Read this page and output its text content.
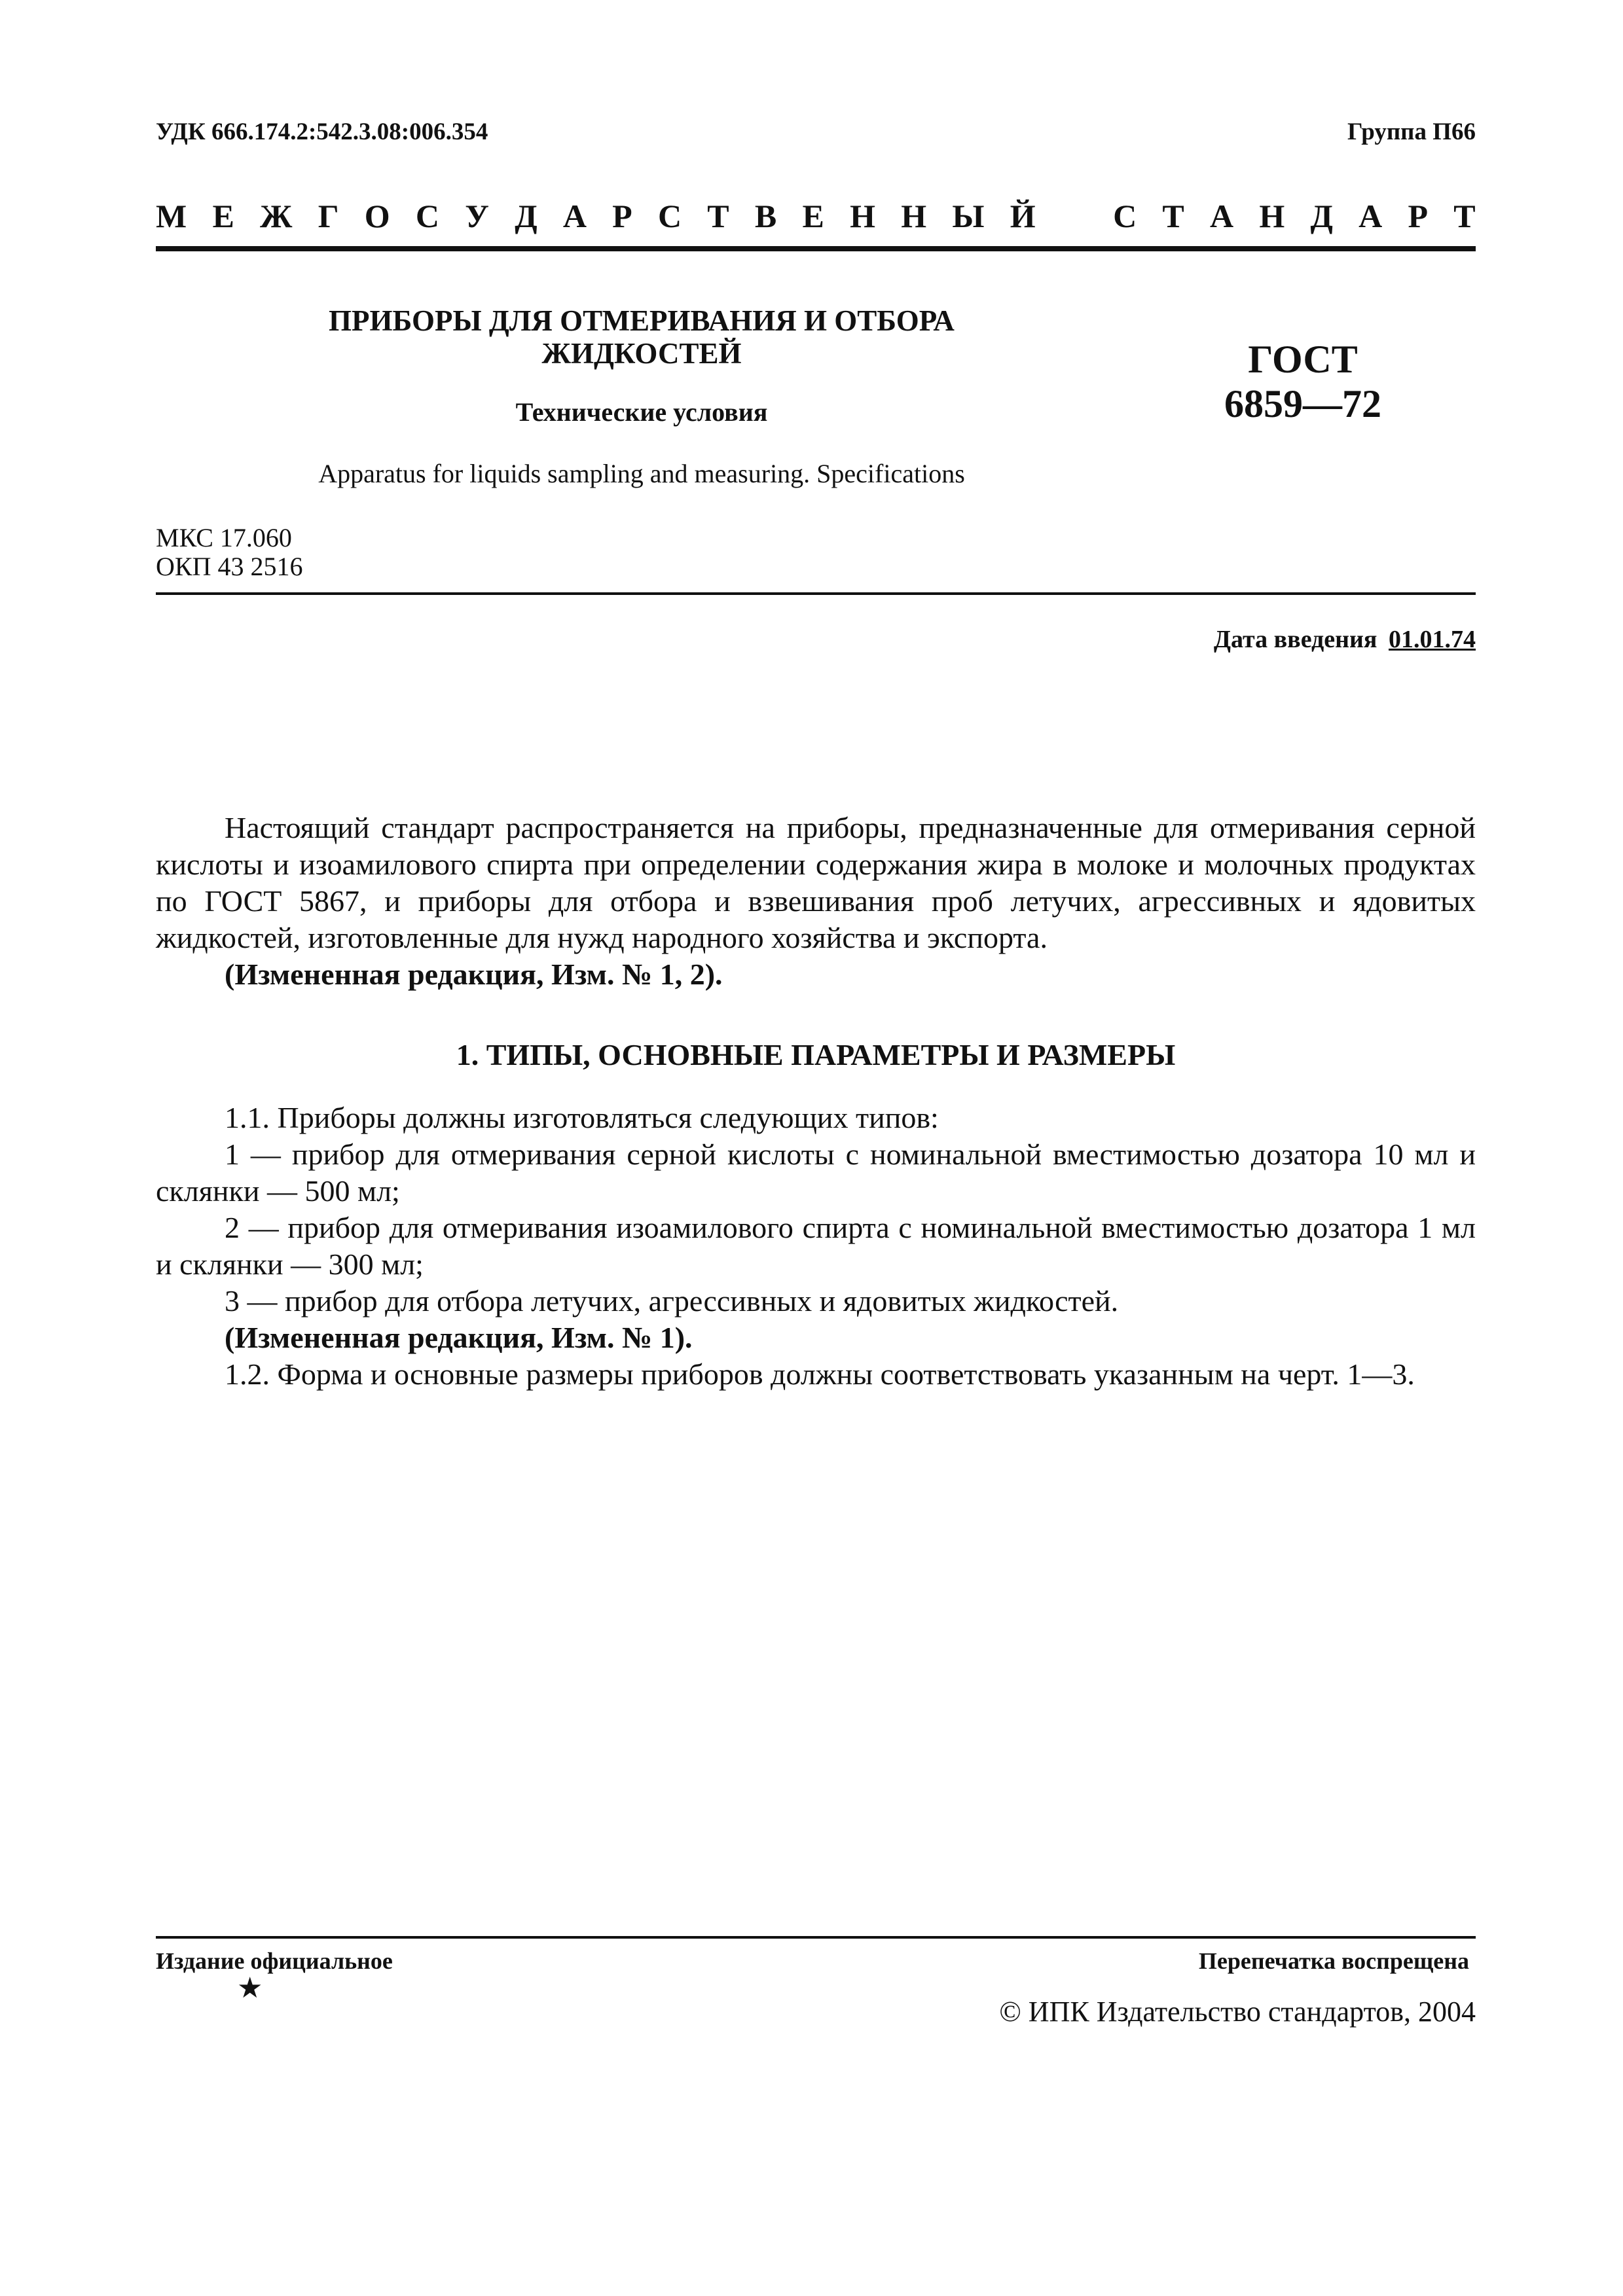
УДК 666.174.2:542.3.08:006.354	Группа П66
М Е Ж Г О С У Д А Р С Т В Е Н Н Ы Й С Т А Н Д А Р Т
ПРИБОРЫ ДЛЯ ОТМЕРИВАНИЯ И ОТБОРА
ЖИДКОСТЕЙ
Технические условия
Apparatus for liquids sampling and measuring. Specifications
ГОСТ
6859—72
МКС 17.060
ОКП 43 2516
Дата введения 01.01.74
Настоящий стандарт распространяется на приборы, предназначенные для отмеривания серной кислоты и изоамилового спирта при определении содержания жира в молоке и молочных продуктах по ГОСТ 5867, и приборы для отбора и взвешивания проб летучих, агрессивных и ядовитых жидкостей, изготовленные для нужд народного хозяйства и экспорта.
(Измененная редакция, Изм. № 1, 2).
1. ТИПЫ, ОСНОВНЫЕ ПАРАМЕТРЫ И РАЗМЕРЫ
1.1. Приборы должны изготовляться следующих типов:
1 — прибор для отмеривания серной кислоты с номинальной вместимостью дозатора 10 мл и склянки — 500 мл;
2 — прибор для отмеривания изоамилового спирта с номинальной вместимостью дозатора 1 мл и склянки — 300 мл;
3 — прибор для отбора летучих, агрессивных и ядовитых жидкостей.
(Измененная редакция, Изм. № 1).
1.2. Форма и основные размеры приборов должны соответствовать указанным на черт. 1—3.
Издание официальное
★
Перепечатка воспрещена
© ИПК Издательство стандартов, 2004
